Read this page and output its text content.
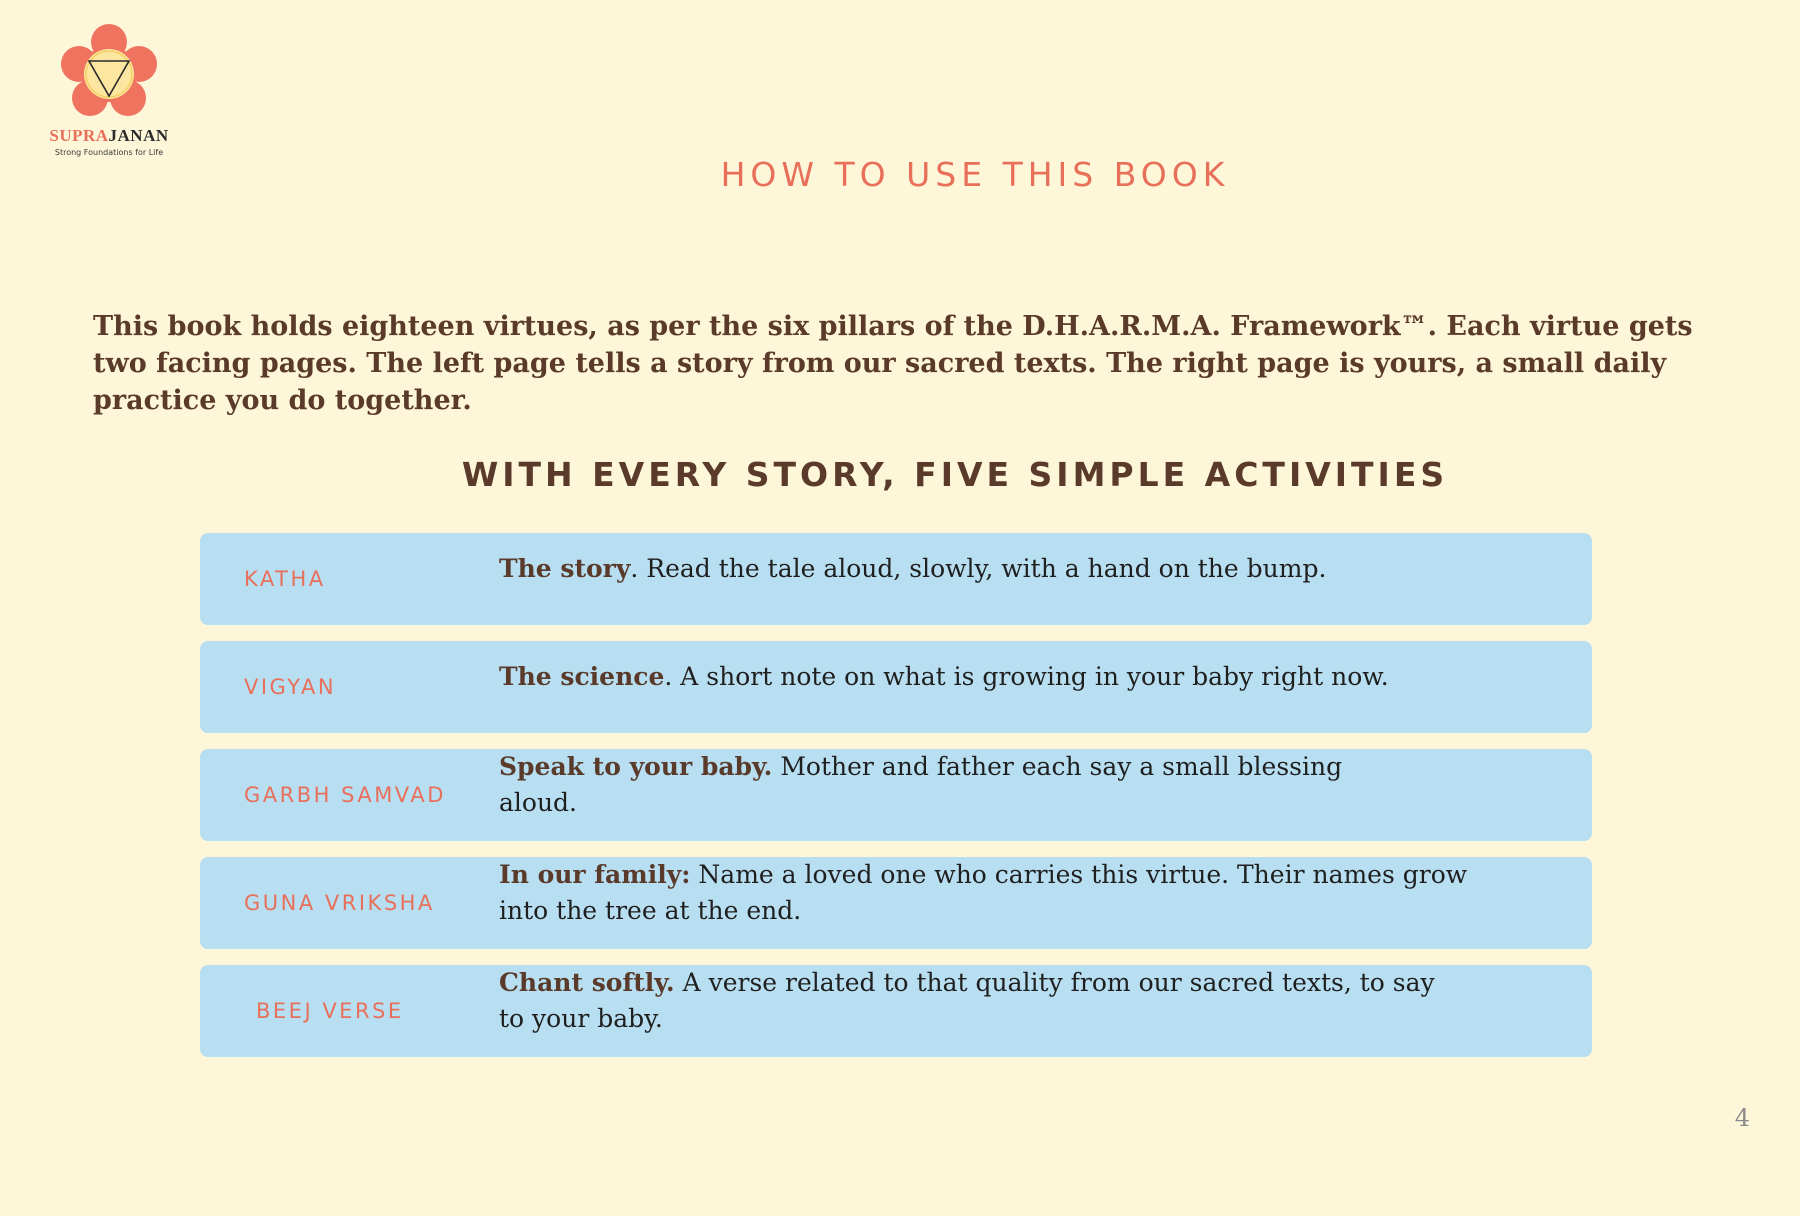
SUPRAJANAN
Strong Foundations for Life
HOW TO USE THIS BOOK

This book holds eighteen virtues, as per the six pillars of the D.H.A.R.M.A. Framework™. Each virtue gets two facing pages. The left page tells a story from our sacred texts. The right page is yours, a small daily practice you do together.

WITH EVERY STORY, FIVE SIMPLE ACTIVITIES
KATHA	The story. Read the tale aloud, slowly, with a hand on the bump.
VIGYAN	The science. A short note on what is growing in your baby right now.
GARBH SAMVAD
Speak to your baby. Mother and father each say a small blessing aloud.
GUNA VRIKSHA
In our family: Name a loved one who carries this virtue. Their names grow into the tree at the end.
BEEJ VERSE
Chant softly. A verse related to that quality from our sacred texts, to say to your baby.
4
